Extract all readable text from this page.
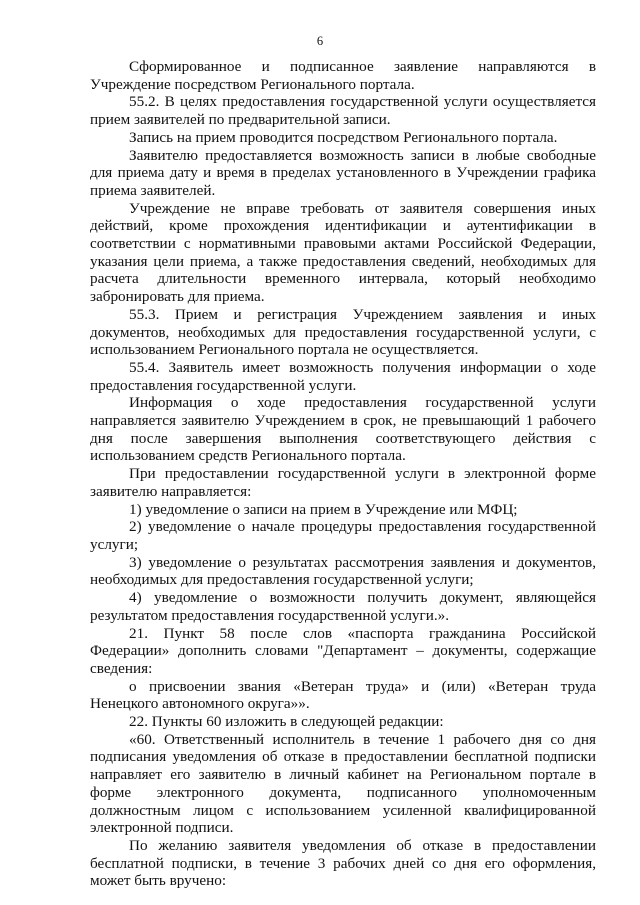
6

Сформированное и подписанное заявление направляются в Учреждение посредством Регионального портала.

55.2. В целях предоставления государственной услуги осуществляется прием заявителей по предварительной записи.

Запись на прием проводится посредством Регионального портала.

Заявителю предоставляется возможность записи в любые свободные для приема дату и время в пределах установленного в Учреждении графика приема заявителей.

Учреждение не вправе требовать от заявителя совершения иных действий, кроме прохождения идентификации и аутентификации в соответствии с нормативными правовыми актами Российской Федерации, указания цели приема, а также предоставления сведений, необходимых для расчета длительности временного интервала, который необходимо забронировать для приема.

55.3. Прием и регистрация Учреждением заявления и иных документов, необходимых для предоставления государственной услуги, с использованием Регионального портала не осуществляется.

55.4. Заявитель имеет возможность получения информации о ходе предоставления государственной услуги.

Информация о ходе предоставления государственной услуги направляется заявителю Учреждением в срок, не превышающий 1 рабочего дня после завершения выполнения соответствующего действия с использованием средств Регионального портала.

При предоставлении государственной услуги в электронной форме заявителю направляется:

1) уведомление о записи на прием в Учреждение или МФЦ;

2) уведомление о начале процедуры предоставления государственной услуги;

3) уведомление о результатах рассмотрения заявления и документов, необходимых для предоставления государственной услуги;

4) уведомление о возможности получить документ, являющейся результатом предоставления государственной услуги.».

21. Пункт 58 после слов «паспорта гражданина Российской Федерации» дополнить словами "Департамент – документы, содержащие сведения:

о присвоении звания «Ветеран труда» и (или) «Ветеран труда Ненецкого автономного округа»».

22. Пункты 60 изложить в следующей редакции:

«60. Ответственный исполнитель в течение 1 рабочего дня со дня подписания уведомления об отказе в предоставлении бесплатной подписки направляет его заявителю в личный кабинет на Региональном портале в форме электронного документа, подписанного уполномоченным должностным лицом с использованием усиленной квалифицированной электронной подписи.

По желанию заявителя уведомления об отказе в предоставлении бесплатной подписки, в течение 3 рабочих дней со дня его оформления, может быть вручено:
